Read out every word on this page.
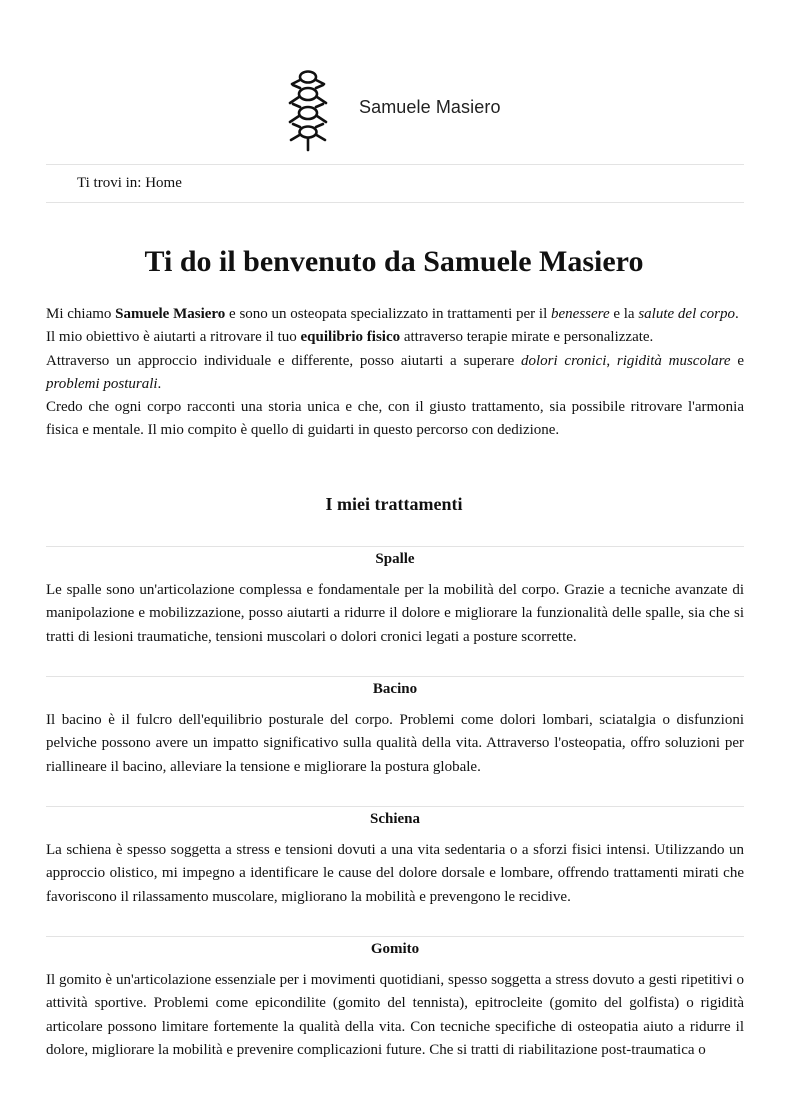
Samuele Masiero
Ti trovi in: Home
Ti do il benvenuto da Samuele Masiero

Mi chiamo Samuele Masiero e sono un osteopata specializzato in trattamenti per il benessere e la salute del corpo.

Il mio obiettivo è aiutarti a ritrovare il tuo equilibrio fisico attraverso terapie mirate e personalizzate.

Attraverso un approccio individuale e differente, posso aiutarti a superare dolori cronici, rigidità muscolare e problemi posturali.

Credo che ogni corpo racconti una storia unica e che, con il giusto trattamento, sia possibile ritrovare l'armonia fisica e mentale. Il mio compito è quello di guidarti in questo percorso con dedizione.

I miei trattamenti
Spalle

Le spalle sono un'articolazione complessa e fondamentale per la mobilità del corpo. Grazie a tecniche avanzate di manipolazione e mobilizzazione, posso aiutarti a ridurre il dolore e migliorare la funzionalità delle spalle, sia che si tratti di lesioni traumatiche, tensioni muscolari o dolori cronici legati a posture scorrette.

Bacino

Il bacino è il fulcro dell'equilibrio posturale del corpo. Problemi come dolori lombari, sciatalgia o disfunzioni pelviche possono avere un impatto significativo sulla qualità della vita. Attraverso l'osteopatia, offro soluzioni per riallineare il bacino, alleviare la tensione e migliorare la postura globale.

Schiena

La schiena è spesso soggetta a stress e tensioni dovuti a una vita sedentaria o a sforzi fisici intensi. Utilizzando un approccio olistico, mi impegno a identificare le cause del dolore dorsale e lombare, offrendo trattamenti mirati che favoriscono il rilassamento muscolare, migliorano la mobilità e prevengono le recidive.

Gomito

Il gomito è un'articolazione essenziale per i movimenti quotidiani, spesso soggetta a stress dovuto a gesti ripetitivi o attività sportive. Problemi come epicondilite (gomito del tennista), epitrocleite (gomito del golfista) o rigidità articolare possono limitare fortemente la qualità della vita. Con tecniche specifiche di osteopatia aiuto a ridurre il dolore, migliorare la mobilità e prevenire complicazioni future. Che si tratti di riabilitazione post-traumatica o
